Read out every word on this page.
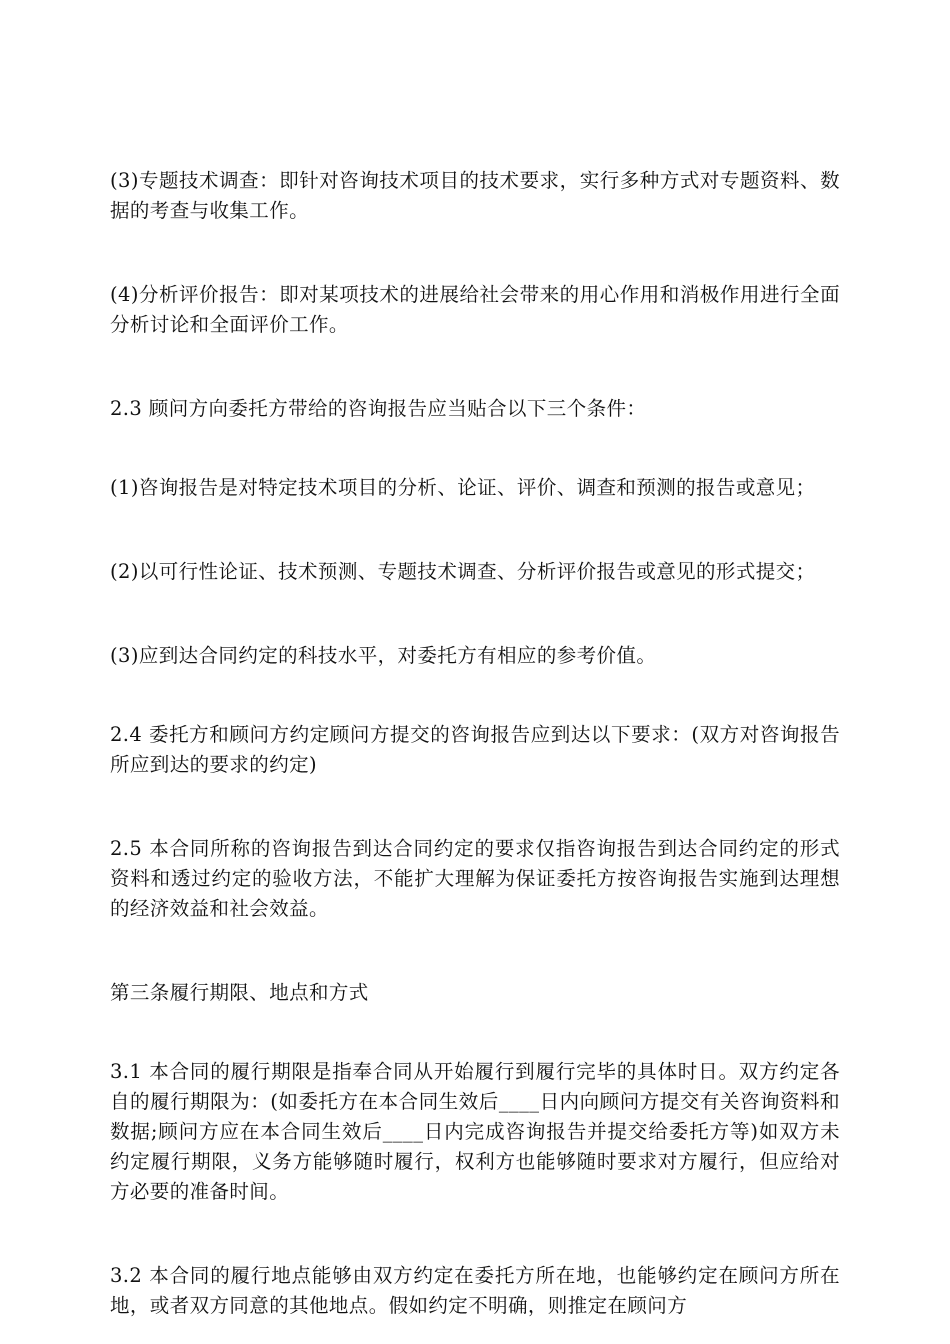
(3)专题技术调查：即针对咨询技术项目的技术要求，实行多种方式对专题资料、数据的考查与收集工作。

(4)分析评价报告：即对某项技术的进展给社会带来的用心作用和消极作用进行全面分析讨论和全面评价工作。

2.3 顾问方向委托方带给的咨询报告应当贴合以下三个条件：

(1)咨询报告是对特定技术项目的分析、论证、评价、调查和预测的报告或意见；

(2)以可行性论证、技术预测、专题技术调查、分析评价报告或意见的形式提交；

(3)应到达合同约定的科技水平，对委托方有相应的参考价值。

2.4 委托方和顾问方约定顾问方提交的咨询报告应到达以下要求：(双方对咨询报告所应到达的要求的约定)

2.5 本合同所称的咨询报告到达合同约定的要求仅指咨询报告到达合同约定的形式资料和透过约定的验收方法，不能扩大理解为保证委托方按咨询报告实施到达理想的经济效益和社会效益。

第三条履行期限、地点和方式

3.1 本合同的履行期限是指奉合同从开始履行到履行完毕的具体时日。双方约定各自的履行期限为：(如委托方在本合同生效后____日内向顾问方提交有关咨询资料和数据;顾问方应在本合同生效后____日内完成咨询报告并提交给委托方等)如双方未约定履行期限，义务方能够随时履行，权利方也能够随时要求对方履行，但应给对方必要的准备时间。

3.2 本合同的履行地点能够由双方约定在委托方所在地，也能够约定在顾问方所在地，或者双方同意的其他地点。假如约定不明确，则推定在顾问方
